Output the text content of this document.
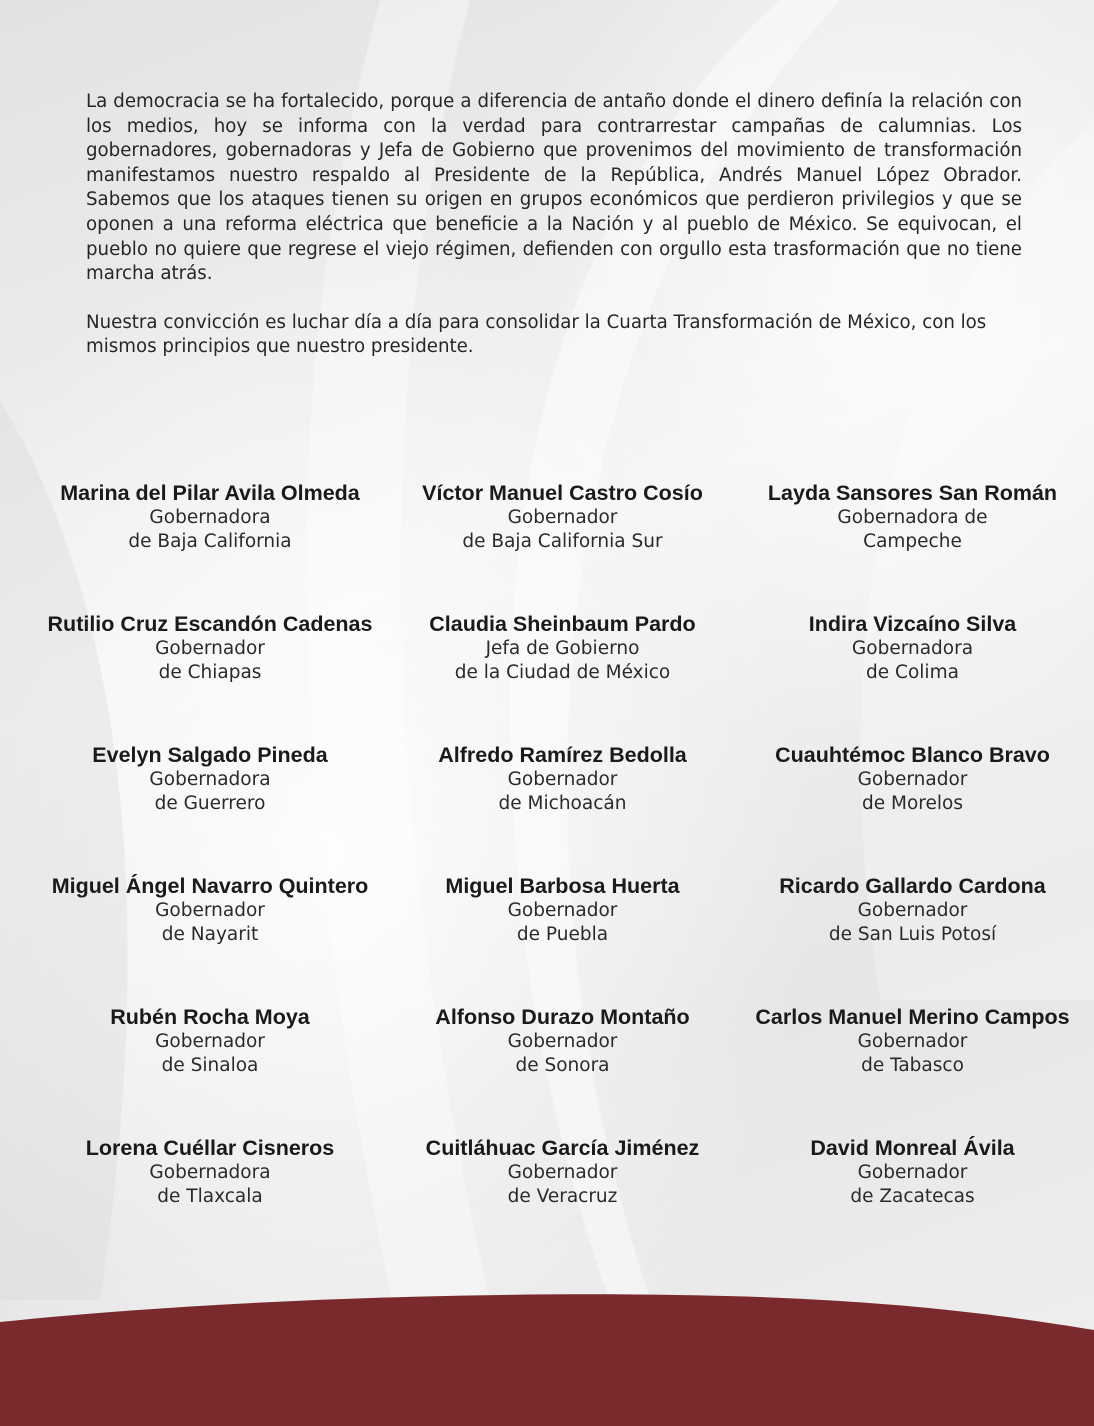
La democracia se ha fortalecido, porque a diferencia de antaño donde el dinero definía la relación con los medios, hoy se informa con la verdad para contrarrestar campañas de calumnias. Los gobernadores, gobernadoras y Jefa de Gobierno que provenimos del movimiento de transformación manifestamos nuestro respaldo al Presidente de la República, Andrés Manuel López Obrador. Sabemos que los ataques tienen su origen en grupos económicos que perdieron privilegios y que se oponen a una reforma eléctrica que beneficie a la Nación y al pueblo de México. Se equivocan, el pueblo no quiere que regrese el viejo régimen, defienden con orgullo esta trasformación que no tiene marcha atrás.

Nuestra convicción es luchar día a día para consolidar la Cuarta Transformación de México, con los mismos principios que nuestro presidente.

Marina del Pilar Avila Olmeda
Gobernadora
de Baja California
Víctor Manuel Castro Cosío
Gobernador
de Baja California Sur
Layda Sansores San Román
Gobernadora de
Campeche
Rutilio Cruz Escandón Cadenas
Gobernador
de Chiapas
Claudia Sheinbaum Pardo
Jefa de Gobierno
de la Ciudad de México
Indira Vizcaíno Silva
Gobernadora
de Colima
Evelyn Salgado Pineda
Gobernadora
de Guerrero
Alfredo Ramírez Bedolla
Gobernador
de Michoacán
Cuauhtémoc Blanco Bravo
Gobernador
de Morelos
Miguel Ángel Navarro Quintero
Gobernador
de Nayarit
Miguel Barbosa Huerta
Gobernador
de Puebla
Ricardo Gallardo Cardona
Gobernador
de San Luis Potosí
Rubén Rocha Moya
Gobernador
de Sinaloa
Alfonso Durazo Montaño
Gobernador
de Sonora
Carlos Manuel Merino Campos
Gobernador
de Tabasco
Lorena Cuéllar Cisneros
Gobernadora
de Tlaxcala
Cuitláhuac García Jiménez
Gobernador
de Veracruz
David Monreal Ávila
Gobernador
de Zacatecas
